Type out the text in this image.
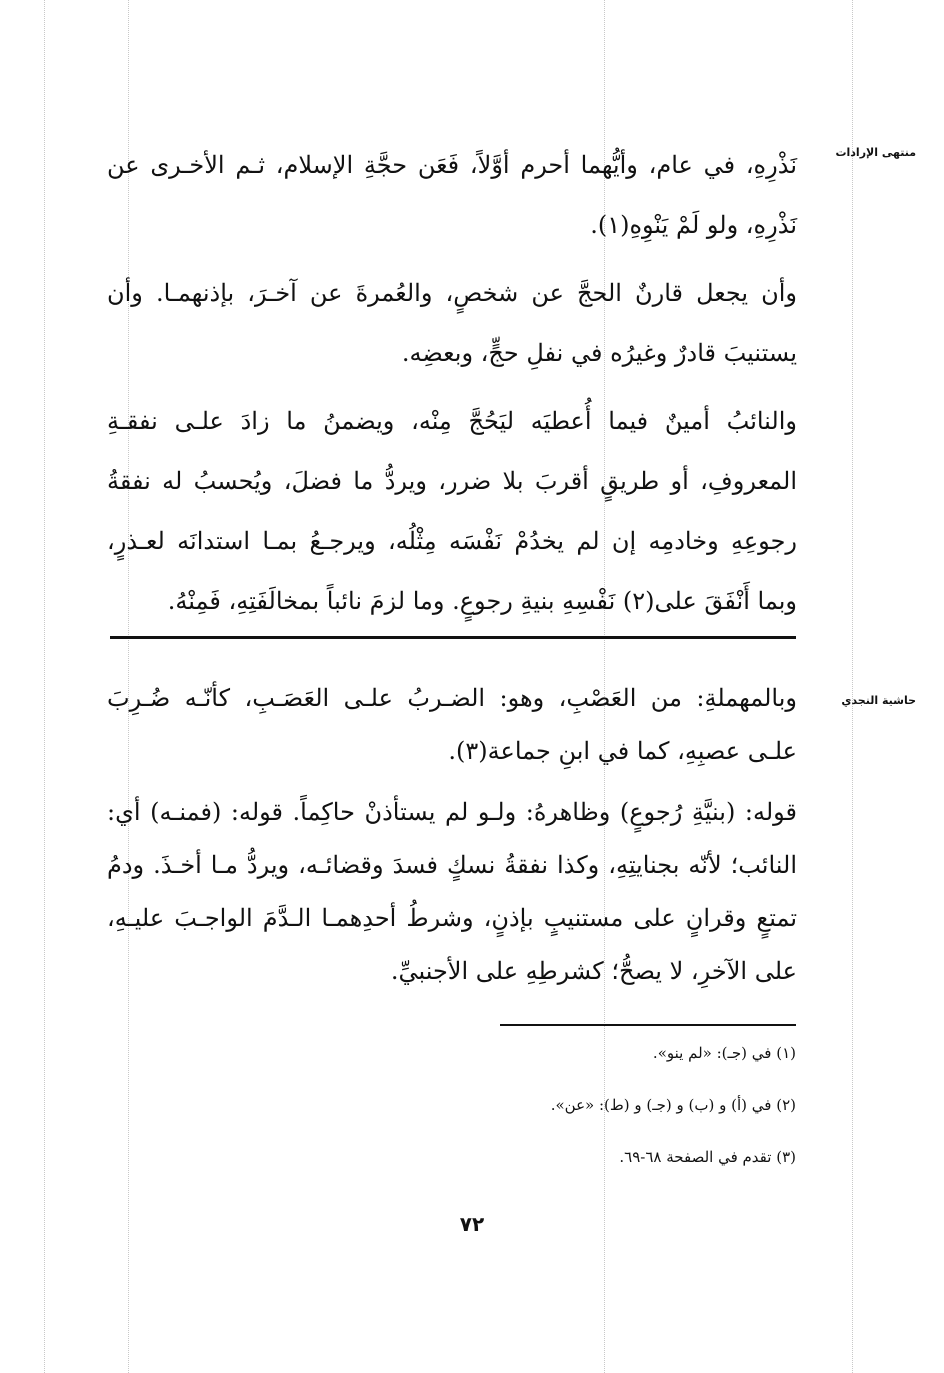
منتهى الإرادات
حاشية النجدي

نَذْرِهِ، في عام، وأيُّهما أحرم أوَّلاً، فَعَن حجَّةِ الإسلام، ثـم الأخـرى عن نَذْرِهِ، ولو لَمْ يَنْوِهِ(١).

وأن يجعل قارنٌ الحجَّ عن شخصٍ، والعُمرةَ عن آخـرَ، بإذنهمـا. وأن يستنيبَ قادرٌ وغيرُه في نفلِ حجٍّ، وبعضِه.

والنائبُ أمينٌ فيما أُعطيَه ليَحُجَّ مِنْه، ويضمنُ ما زادَ علـى نفقـةِ المعروفِ، أو طريقٍ أقربَ بلا ضرر، ويردُّ ما فضلَ، ويُحسبُ له نفقةُ رجوعِهِ وخادمِه إن لم يخدُمْ نَفْسَه مِثْلُه، ويرجـعُ بمـا استدانَه لعـذرٍ، وبما أَنْفَقَ على(٢) نَفْسِهِ بنيةِ رجوعٍ. وما لزمَ نائباً بمخالَفَتِهِ، فَمِنْهُ.

وبالمهملةِ: من العَصْبِ، وهو: الضـربُ علـى العَصَـبِ، كأنّـه ضُـرِبَ علـى عصبِهِ، كما في ابنِ جماعة(٣).

قوله: (بنيَّةِ رُجوعٍ) وظاهرهُ: ولـو لم يستأذنْ حاكِماً. قوله: (فمنـه) أي: النائب؛ لأنّه بجنايتِهِ، وكذا نفقةُ نسكٍ فسدَ وقضائـه، ويردُّ مـا أخـذَ. ودمُ تمتعٍ وقرانٍ على مستنيبٍ بإذنٍ، وشرطُ أحدِهمـا الـدَّمَ الواجـبَ عليـهِ، على الآخرِ، لا يصحُّ؛ كشرطِهِ على الأجنبيِّ.

(١) في (جـ): «لم ينو».

(٢) في (أ) و (ب) و (جـ) و (ط): «عن».

(٣) تقدم في الصفحة ٦٨-٦٩.

٧٢
